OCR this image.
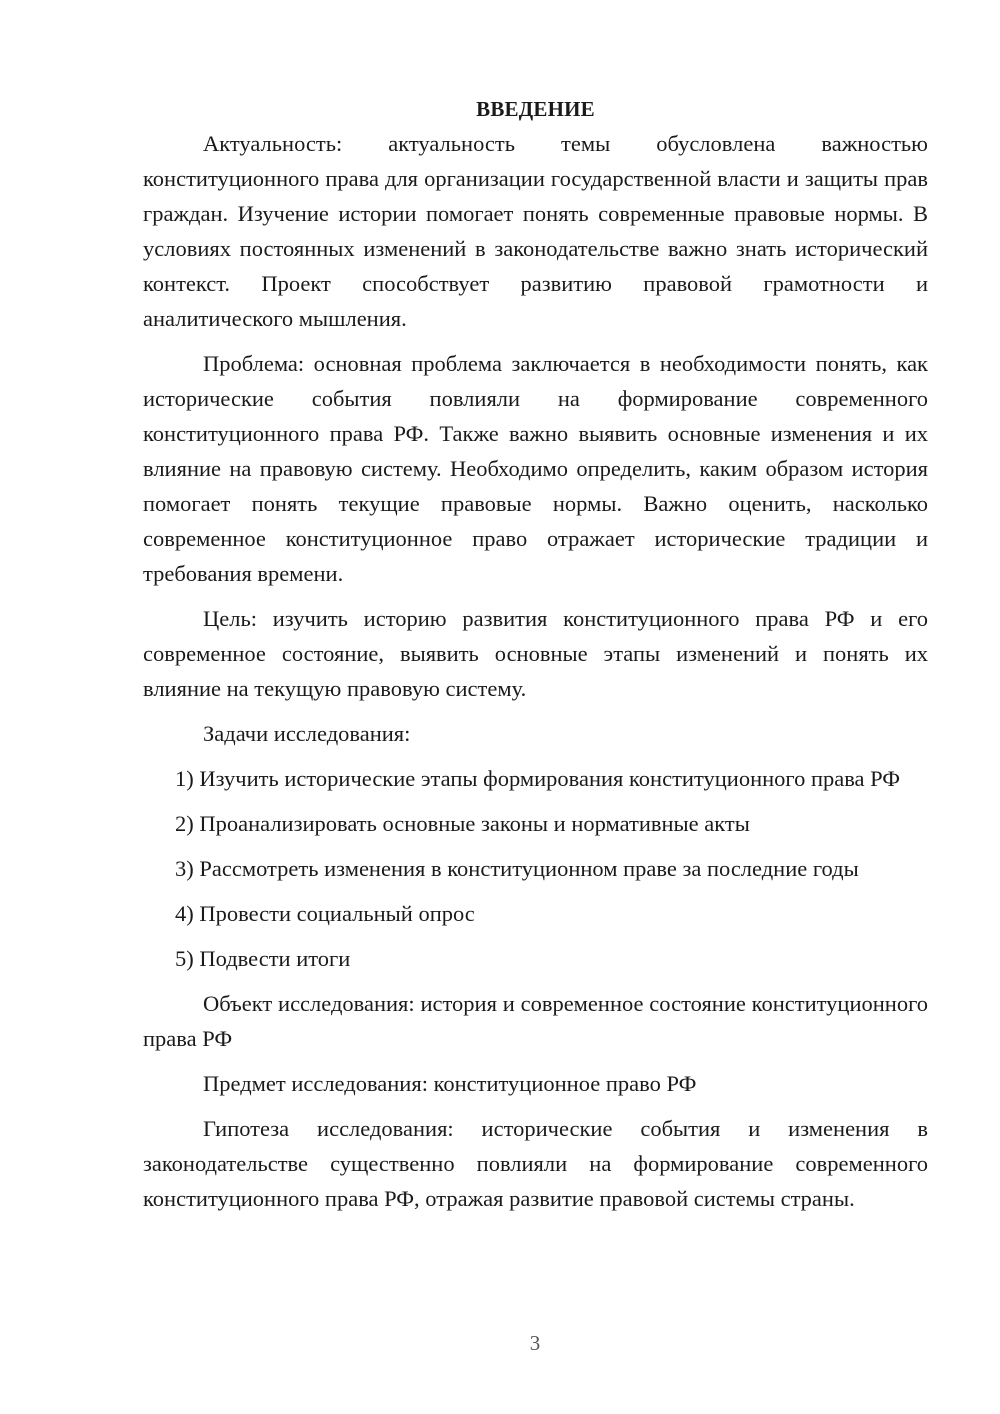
ВВЕДЕНИЕ

Актуальность: актуальность темы обусловлена важностью конституционного права для организации государственной власти и защиты прав граждан. Изучение истории помогает понять современные правовые нормы. В условиях постоянных изменений в законодательстве важно знать исторический контекст. Проект способствует развитию правовой грамотности и аналитического мышления.

Проблема: основная проблема заключается в необходимости понять, как исторические события повлияли на формирование современного конституционного права РФ. Также важно выявить основные изменения и их влияние на правовую систему. Необходимо определить, каким образом история помогает понять текущие правовые нормы. Важно оценить, насколько современное конституционное право отражает исторические традиции и требования времени.

Цель: изучить историю развития конституционного права РФ и его современное состояние, выявить основные этапы изменений и понять их влияние на текущую правовую систему.

Задачи исследования:

1) Изучить исторические этапы формирования конституционного права РФ

2) Проанализировать основные законы и нормативные акты

3) Рассмотреть изменения в конституционном праве за последние годы

4) Провести социальный опрос

5) Подвести итоги

Объект исследования: история и современное состояние конституционного права РФ

Предмет исследования: конституционное право РФ

Гипотеза исследования: исторические события и изменения в законодательстве существенно повлияли на формирование современного конституционного права РФ, отражая развитие правовой системы страны.

3
